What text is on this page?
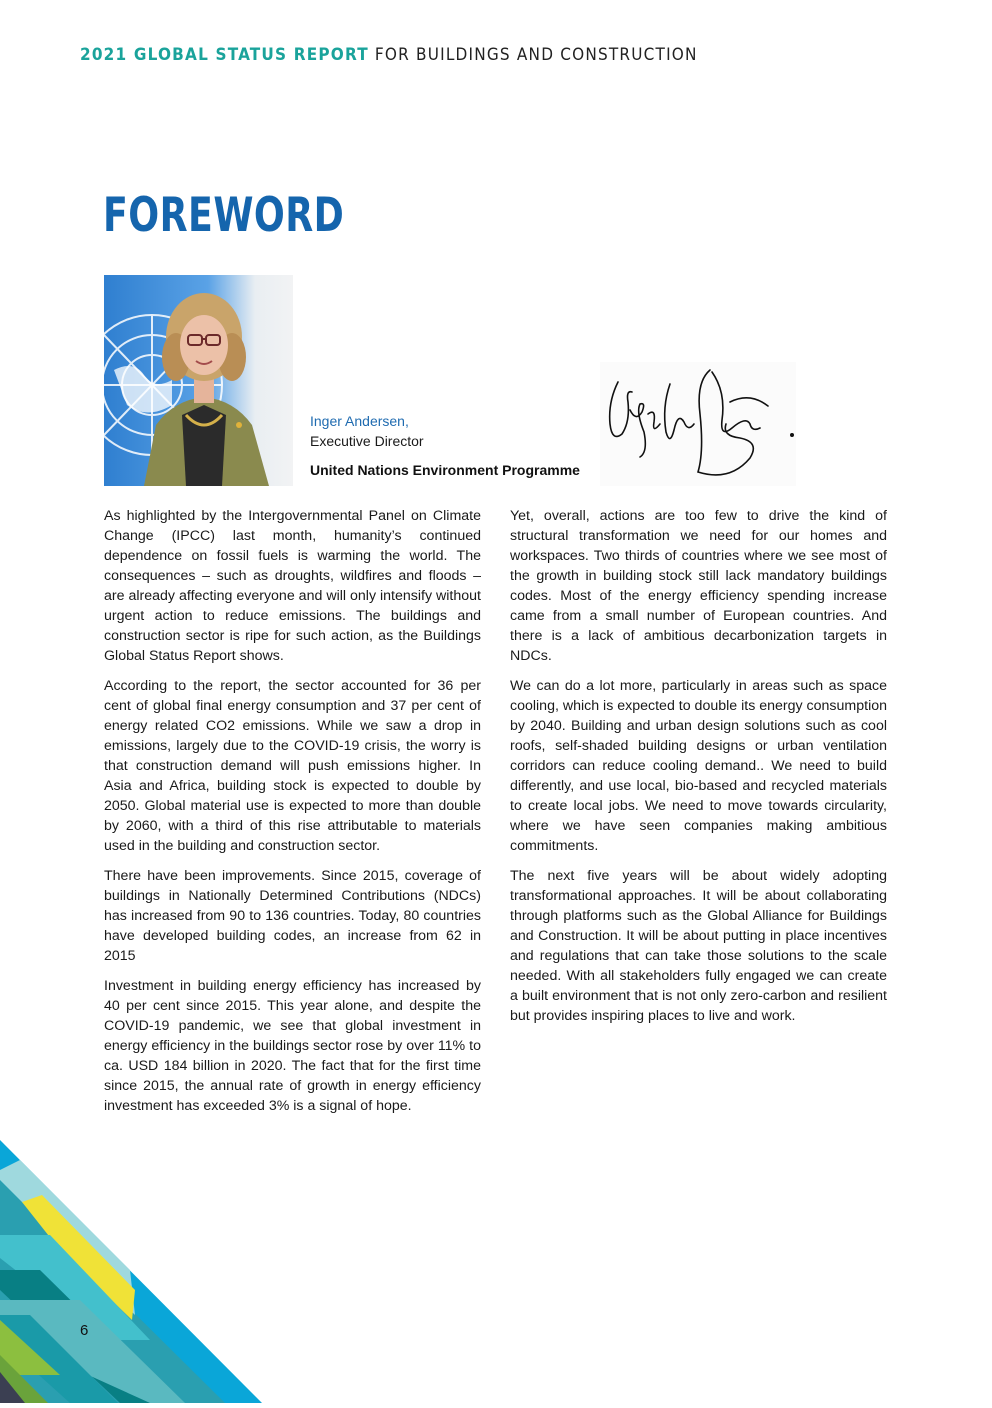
2021 GLOBAL STATUS REPORT FOR BUILDINGS AND CONSTRUCTION
FOREWORD
Inger Andersen,
Executive Director
United Nations Environment Programme

As highlighted by the Intergovernmental Panel on Climate Change (IPCC) last month, humanity’s continued dependence on fossil fuels is warming the world. The consequences – such as droughts, wildfires and floods – are already affecting everyone and will only intensify without urgent action to reduce emissions. The buildings and construction sector is ripe for such action, as the Buildings Global Status Report shows.

According to the report, the sector accounted for 36 per cent of global final energy consumption and 37 per cent of energy related CO2 emissions. While we saw a drop in emissions, largely due to the COVID-19 crisis, the worry is that construction demand will push emissions higher. In Asia and Africa, building stock is expected to double by 2050. Global material use is expected to more than double by 2060, with a third of this rise attributable to materials used in the building and construction sector.

There have been improvements. Since 2015, coverage of buildings in Nationally Determined Contributions (NDCs) has increased from 90 to 136 countries. Today, 80 countries have developed building codes, an increase from 62 in 2015

Investment in building energy efficiency has increased by 40 per cent since 2015. This year alone, and despite the COVID-19 pandemic, we see that global investment in energy efficiency in the buildings sector rose by over 11% to ca. USD 184 billion in 2020. The fact that for the first time since 2015, the annual rate of growth in energy efficiency investment has exceeded 3% is a signal of hope.

Yet, overall, actions are too few to drive the kind of structural transformation we need for our homes and workspaces. Two thirds of countries where we see most of the growth in building stock still lack mandatory buildings codes. Most of the energy efficiency spending increase came from a small number of European countries. And there is a lack of ambitious decarbonization targets in NDCs.

We can do a lot more, particularly in areas such as space cooling, which is expected to double its energy consumption by 2040. Building and urban design solutions such as cool roofs, self-shaded building designs or urban ventilation corridors can reduce cooling demand.. We need to build differently, and use local, bio-based and recycled materials to create local jobs. We need to move towards circularity, where we have seen companies making ambitious commitments.

The next five years will be about widely adopting transformational approaches. It will be about collaborating through platforms such as the Global Alliance for Buildings and Construction. It will be about putting in place incentives and regulations that can take those solutions to the scale needed. With all stakeholders fully engaged we can create a built environment that is not only zero-carbon and resilient but provides inspiring places to live and work.

6
